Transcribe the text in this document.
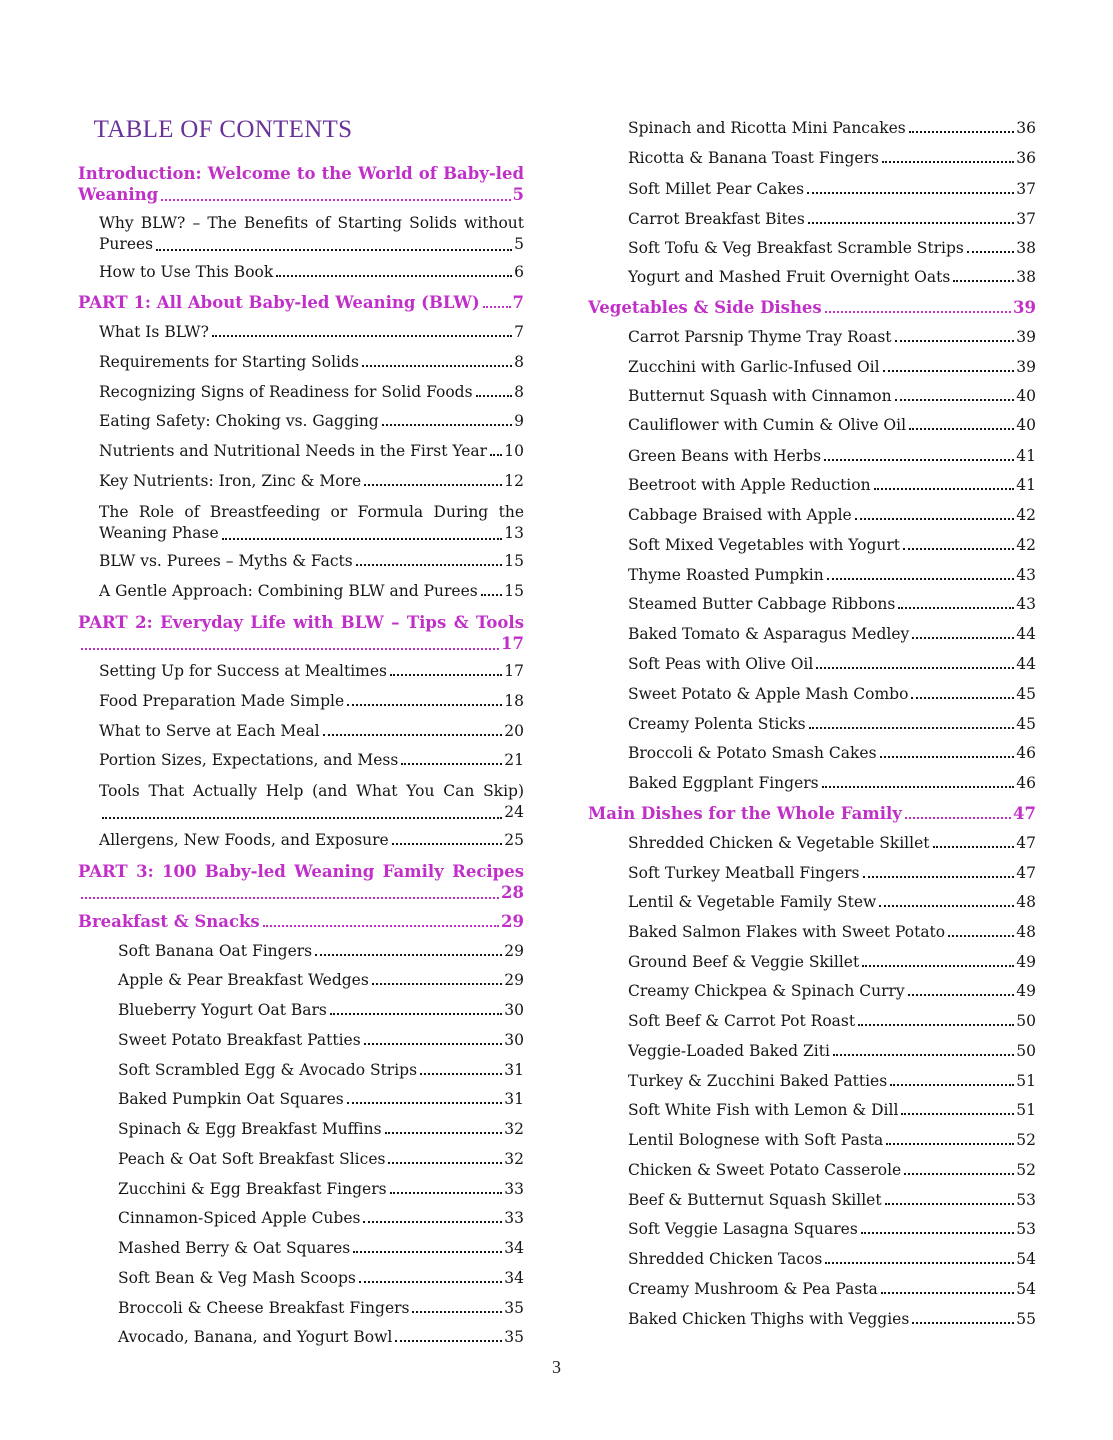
TABLE OF CONTENTS
Introduction: Welcome to the World of Baby-led
Weaning	5
Why BLW? – The Benefits of Starting Solids without
Purees	5
How to Use This Book	6
PART 1: All About Baby-led Weaning (BLW) 7
What Is BLW?	7
Requirements for Starting Solids	8
Recognizing Signs of Readiness for Solid Foods	8
Eating Safety: Choking vs. Gagging	9
Nutrients and Nutritional Needs in the First Year 10
Key Nutrients: Iron, Zinc & More	12
The Role of Breastfeeding or Formula During the
Weaning Phase	13
BLW vs. Purees – Myths & Facts	15
A Gentle Approach: Combining BLW and Purees 15
PART 2: Everyday Life with BLW – Tips & Tools
17
Setting Up for Success at Mealtimes	17
Food Preparation Made Simple	18
What to Serve at Each Meal	20
Portion Sizes, Expectations, and Mess	21
Tools That Actually Help (and What You Can Skip)
24
Allergens, New Foods, and Exposure	25
PART 3: 100 Baby-led Weaning Family Recipes
28
Breakfast & Snacks	29
Soft Banana Oat Fingers	29
Apple & Pear Breakfast Wedges	29
Blueberry Yogurt Oat Bars	30
Sweet Potato Breakfast Patties	30
Soft Scrambled Egg & Avocado Strips	31
Baked Pumpkin Oat Squares	31
Spinach & Egg Breakfast Muffins	32
Peach & Oat Soft Breakfast Slices	32
Zucchini & Egg Breakfast Fingers	33
Cinnamon-Spiced Apple Cubes	33
Mashed Berry & Oat Squares	34
Soft Bean & Veg Mash Scoops	34
Broccoli & Cheese Breakfast Fingers	35
Avocado, Banana, and Yogurt Bowl	35
Spinach and Ricotta Mini Pancakes	36
Ricotta & Banana Toast Fingers	36
Soft Millet Pear Cakes	37
Carrot Breakfast Bites	37
Soft Tofu & Veg Breakfast Scramble Strips	38
Yogurt and Mashed Fruit Overnight Oats	38
Vegetables & Side Dishes	39
Carrot Parsnip Thyme Tray Roast	39
Zucchini with Garlic-Infused Oil	39
Butternut Squash with Cinnamon	40
Cauliflower with Cumin & Olive Oil	40
Green Beans with Herbs	41
Beetroot with Apple Reduction	41
Cabbage Braised with Apple	42
Soft Mixed Vegetables with Yogurt	42
Thyme Roasted Pumpkin	43
Steamed Butter Cabbage Ribbons	43
Baked Tomato & Asparagus Medley	44
Soft Peas with Olive Oil	44
Sweet Potato & Apple Mash Combo	45
Creamy Polenta Sticks	45
Broccoli & Potato Smash Cakes	46
Baked Eggplant Fingers	46
Main Dishes for the Whole Family	47
Shredded Chicken & Vegetable Skillet	47
Soft Turkey Meatball Fingers	47
Lentil & Vegetable Family Stew	48
Baked Salmon Flakes with Sweet Potato	48
Ground Beef & Veggie Skillet	49
Creamy Chickpea & Spinach Curry	49
Soft Beef & Carrot Pot Roast	50
Veggie-Loaded Baked Ziti	50
Turkey & Zucchini Baked Patties	51
Soft White Fish with Lemon & Dill	51
Lentil Bolognese with Soft Pasta	52
Chicken & Sweet Potato Casserole	52
Beef & Butternut Squash Skillet	53
Soft Veggie Lasagna Squares	53
Shredded Chicken Tacos	54
Creamy Mushroom & Pea Pasta	54
Baked Chicken Thighs with Veggies	55
3
